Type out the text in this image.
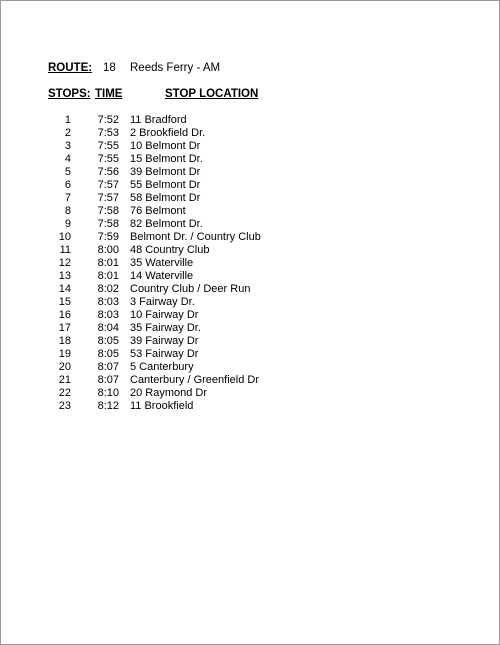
ROUTE: 18 Reeds Ferry - AM
STOPS: TIME	STOP LOCATION
1	7:52 11 Bradford
2	7:53 2 Brookfield Dr.
3	7:55 10 Belmont Dr
4	7:55 15 Belmont Dr.
5	7:56 39 Belmont Dr
6	7:57 55 Belmont Dr
7	7:57 58 Belmont Dr
8	7:58 76 Belmont
9	7:58 82 Belmont Dr.
10	7:59 Belmont Dr. / Country Club
11	8:00 48 Country Club
12	8:01 35 Waterville
13	8:01 14 Waterville
14	8:02 Country Club / Deer Run
15	8:03 3 Fairway Dr.
16	8:03 10 Fairway Dr
17	8:04 35 Fairway Dr.
18	8:05 39 Fairway Dr
19	8:05 53 Fairway Dr
20	8:07 5 Canterbury
21	8:07 Canterbury / Greenfield Dr
22	8:10 20 Raymond Dr
23	8:12 11 Brookfield
